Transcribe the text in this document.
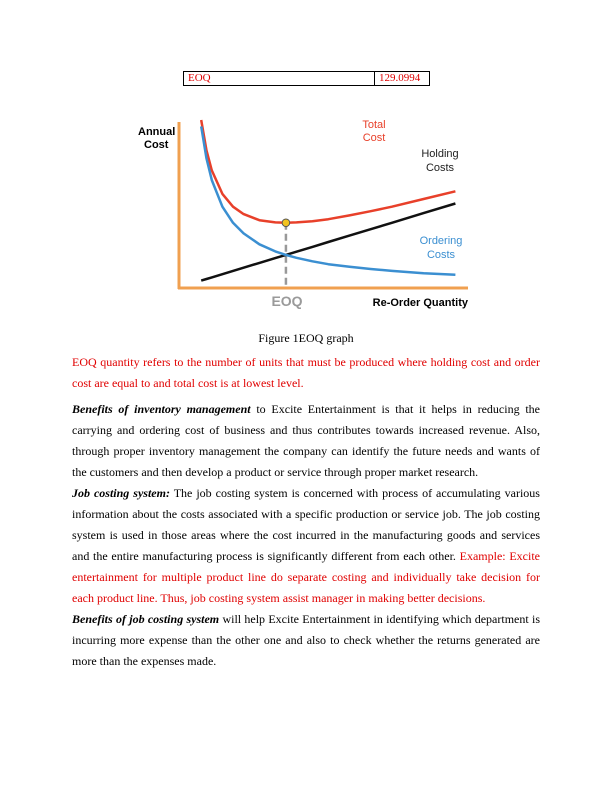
EOQ	129.0994
Annual
Cost
EOQ	Re-Order Quantity
Total
Cost
Holding
Costs
Ordering
Costs
Figure 1EOQ graph

EOQ quantity refers to the number of units that must be produced where holding cost and order cost are equal to and total cost is at lowest level.

Benefits of inventory management to Excite Entertainment is that it helps in reducing the carrying and ordering cost of business and thus contributes towards increased revenue. Also, through proper inventory management the company can identify the future needs and wants of the customers and then develop a product or service through proper market research.

Job costing system: The job costing system is concerned with process of accumulating various information about the costs associated with a specific production or service job. The job costing system is used in those areas where the cost incurred in the manufacturing goods and services and the entire manufacturing process is significantly different from each other. Example: Excite entertainment for multiple product line do separate costing and individually take decision for each product line. Thus, job costing system assist manager in making better decisions.

Benefits of job costing system will help Excite Entertainment in identifying which department is incurring more expense than the other one and also to check whether the returns generated are more than the expenses made.
